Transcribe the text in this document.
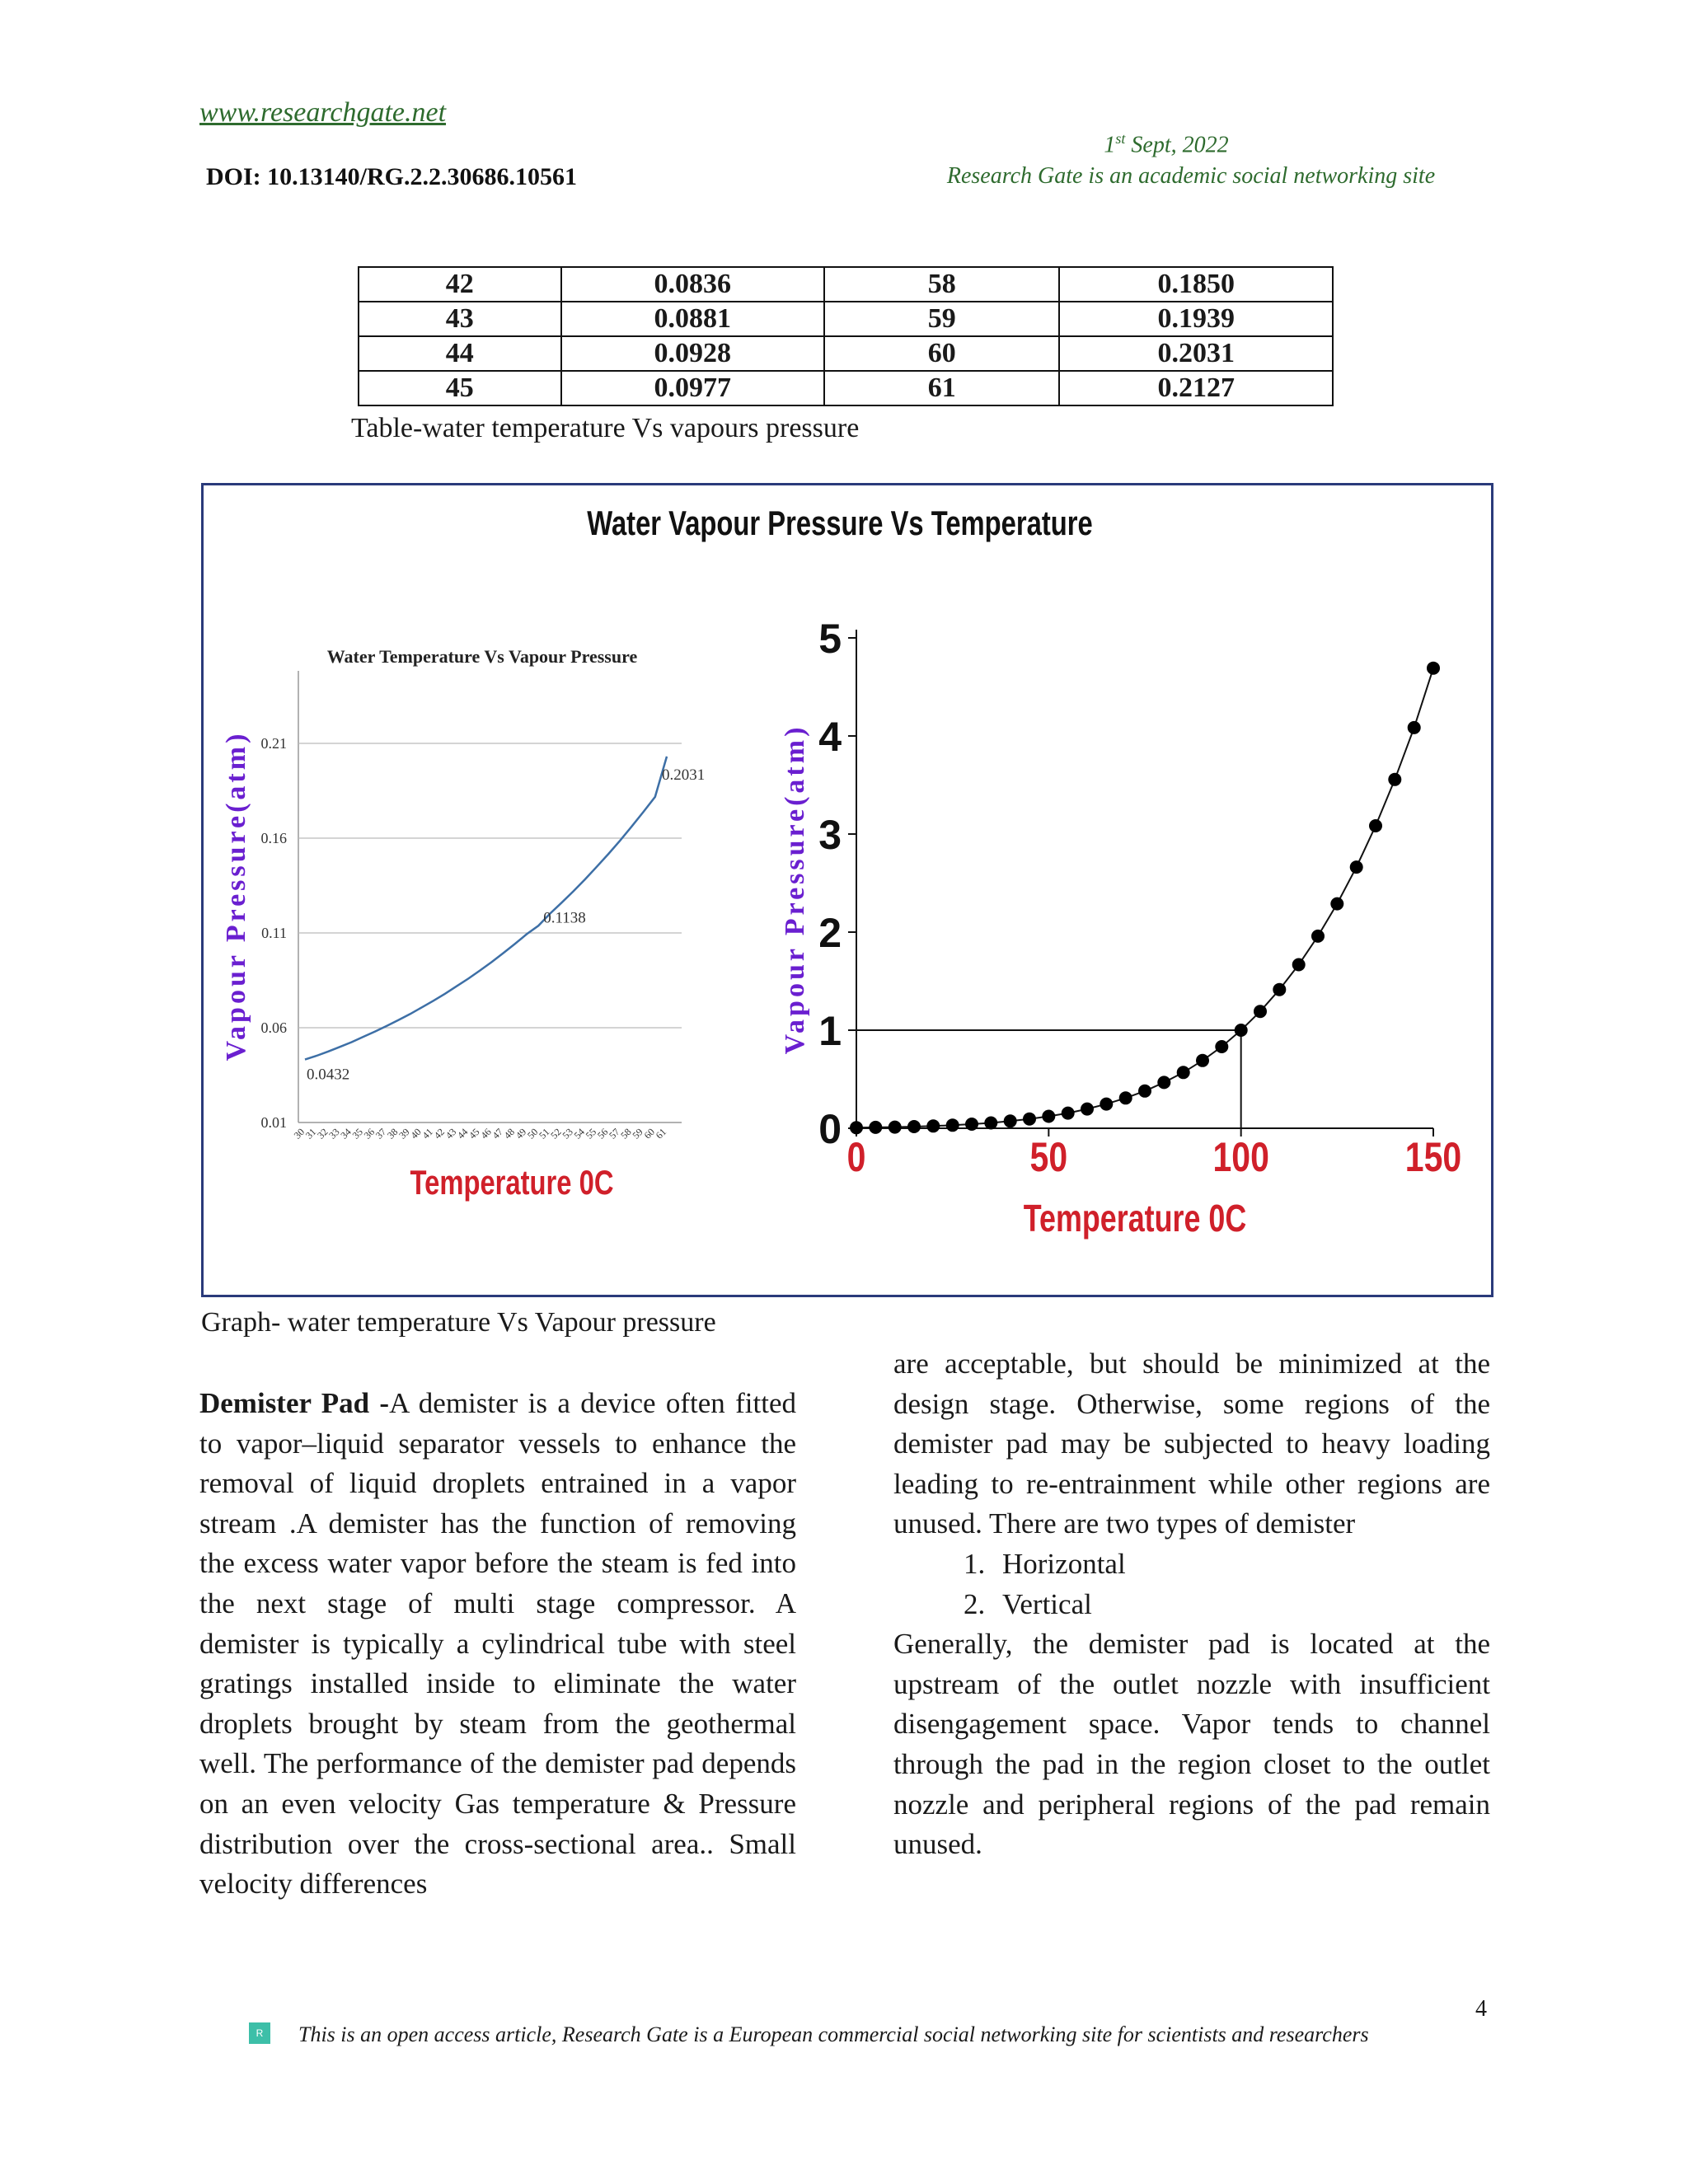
www.researchgate.net
DOI: 10.13140/RG.2.2.30686.10561
1st Sept, 2022
Research Gate is an academic social networking site
42	0.0836	58	0.1850
43	0.0881	59	0.1939
44	0.0928	60	0.2031
45	0.0977	61	0.2127
Table-water temperature Vs vapours pressure
Water Vapour Pressure Vs Temperature
Water Temperature Vs Vapour Pressure
0.01
0.06
0.11
0.16
0.21
30
31
32
33
34
35
36
37
38
39
40
41
42
43
44
45
46
47
48
49
50
51
52
53
54
55
56
57
58
59
60
61
0.0432
0.1138
0.2031
Vapour Pressure(atm)
Temperature 0C
0
1
2
3
4
5
0	50	100	150
Vapour Pressure(atm)
Temperature 0C
Graph- water temperature Vs Vapour pressure

Demister Pad -A demister is a device often fitted to vapor–liquid separator vessels to enhance the removal of liquid droplets entrained in a vapor stream .A demister has the function of removing the excess water vapor before the steam is fed into the next stage of multi stage compressor. A demister is typically a cylindrical tube with steel gratings installed inside to eliminate the water droplets brought by steam from the geothermal well. The performance of the demister pad depends on an even velocity Gas temperature & Pressure distribution over the cross-sectional area.. Small velocity differences

are acceptable, but should be minimized at the design stage. Otherwise, some regions of the demister pad may be subjected to heavy loading leading to re-entrainment while other regions are unused. There are two types of demister

1. Horizontal
2. Vertical

Generally, the demister pad is located at the upstream of the outlet nozzle with insufficient disengagement space. Vapor tends to channel through the pad in the region closet to the outlet nozzle and peripheral regions of the pad remain unused.

4
R	This is an open access article, Research Gate is a European commercial social networking site for scientists and researchers
